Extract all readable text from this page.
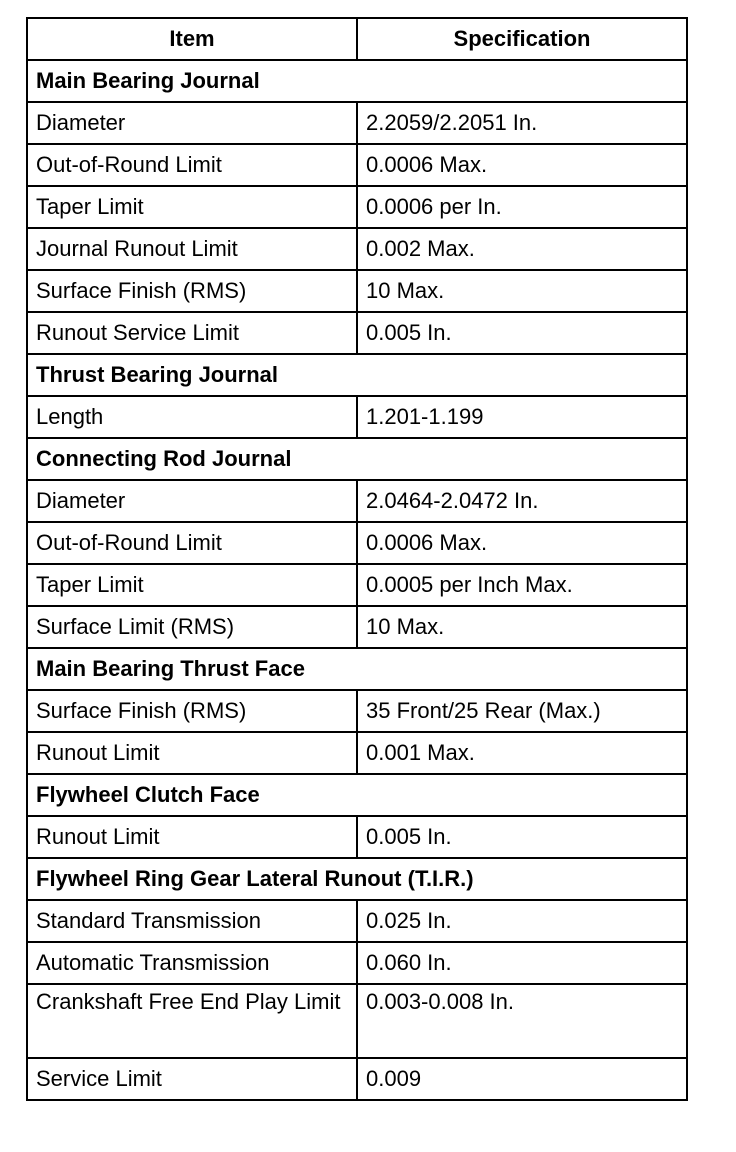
Item	Specification
Main Bearing Journal	
Diameter	2.2059/2.2051 In.
Out-of-Round Limit	0.0006 Max.
Taper Limit	0.0006 per In.
Journal Runout Limit	0.002 Max.
Surface Finish (RMS)	10 Max.
Runout Service Limit	0.005 In.
Thrust Bearing Journal	
Length	1.201-1.199
Connecting Rod Journal	
Diameter	2.0464-2.0472 In.
Out-of-Round Limit	0.0006 Max.
Taper Limit	0.0005 per Inch Max.
Surface Limit (RMS)	10 Max.
Main Bearing Thrust Face	
Surface Finish (RMS)	35 Front/25 Rear (Max.)
Runout Limit	0.001 Max.
Flywheel Clutch Face	
Runout Limit	0.005 In.
Flywheel Ring Gear Lateral Runout (T.I.R.)	
Standard Transmission	0.025 In.
Automatic Transmission	0.060 In.
Crankshaft Free End Play Limit	0.003-0.008 In.
Service Limit	0.009
